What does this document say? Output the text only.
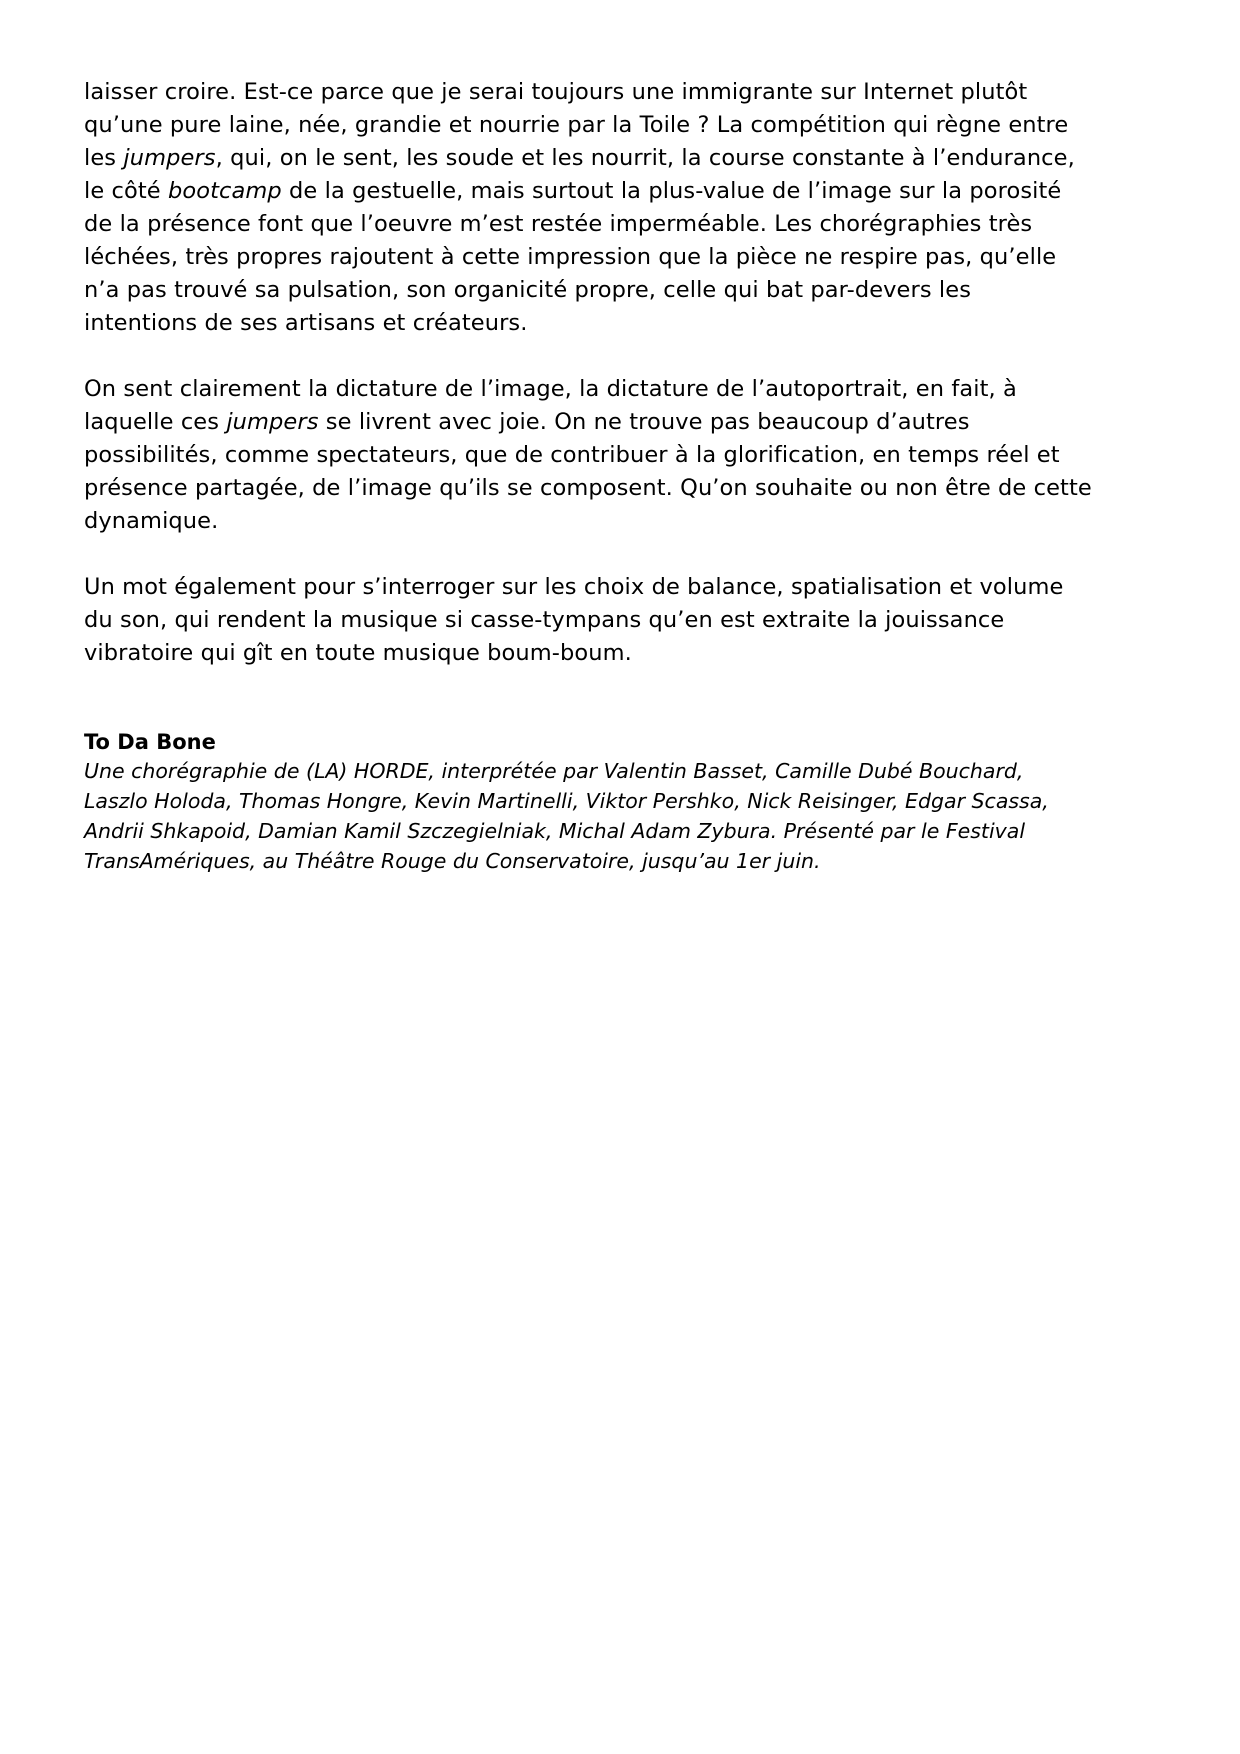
laisser croire. Est-ce parce que je serai toujours une immigrante sur Internet plutôt
qu’une pure laine, née, grandie et nourrie par la Toile ? La compétition qui règne entre
les jumpers, qui, on le sent, les soude et les nourrit, la course constante à l’endurance,
le côté bootcamp de la gestuelle, mais surtout la plus-value de l’image sur la porosité
de la présence font que l’oeuvre m’est restée imperméable. Les chorégraphies très
léchées, très propres rajoutent à cette impression que la pièce ne respire pas, qu’elle
n’a pas trouvé sa pulsation, son organicité propre, celle qui bat par-devers les
intentions de ses artisans et créateurs.

On sent clairement la dictature de l’image, la dictature de l’autoportrait, en fait, à
laquelle ces jumpers se livrent avec joie. On ne trouve pas beaucoup d’autres
possibilités, comme spectateurs, que de contribuer à la glorification, en temps réel et
présence partagée, de l’image qu’ils se composent. Qu’on souhaite ou non être de cette
dynamique.

Un mot également pour s’interroger sur les choix de balance, spatialisation et volume
du son, qui rendent la musique si casse-tympans qu’en est extraite la jouissance
vibratoire qui gît en toute musique boum-boum.

To Da Bone
Une chorégraphie de (LA) HORDE, interprétée par Valentin Basset, Camille Dubé Bouchard,
Laszlo Holoda, Thomas Hongre, Kevin Martinelli, Viktor Pershko, Nick Reisinger, Edgar Scassa,
Andrii Shkapoid, Damian Kamil Szczegielniak, Michal Adam Zybura. Présenté par le Festival
TransAmériques, au Théâtre Rouge du Conservatoire, jusqu’au 1er juin.
